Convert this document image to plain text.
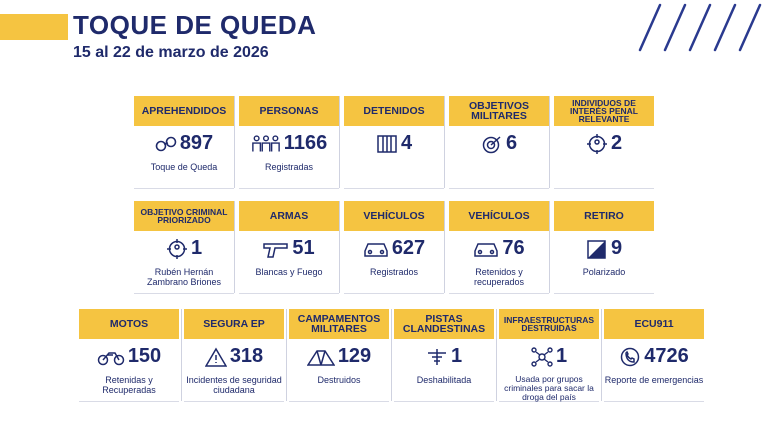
TOQUE DE QUEDA
15 al 22 de marzo de 2026
APREHENDIDOS
897
Toque de Queda
PERSONAS
1166
Registradas
DETENIDOS
4
OBJETIVOS MILITARES
6
INDIVIDUOS DE INTERÉS PENAL RELEVANTE
2
OBJETIVO CRIMINAL PRIORIZADO
1
Rubén Hernán Zambrano Briones
ARMAS
51
Blancas y Fuego
VEHÍCULOS
627
Registrados
VEHÍCULOS
76
Retenidos y recuperados
RETIRO
9
Polarizado
MOTOS
150
Retenidas y Recuperadas
SEGURA EP
318
Incidentes de seguridad ciudadana
CAMPAMENTOS MILITARES
129
Destruidos
PISTAS CLANDESTINAS
1
Deshabilitada
INFRAESTRUCTURAS DESTRUIDAS
1
Usada por grupos criminales para sacar la droga del país
ECU911
4726
Reporte de emergencias
